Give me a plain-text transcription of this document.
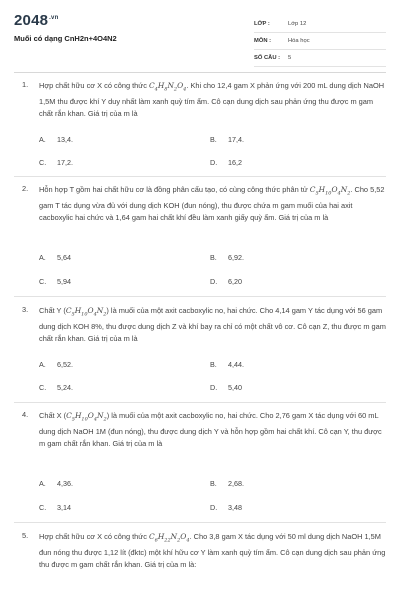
$2048^{.vn}$
Muối có dạng CnH2n+4O4N2
LỚP :	Lớp 12
MÔN :	Hóa học
SỐ CÂU :	5
1. Hợp chất hữu cơ X có công thức $C_4H_8N_2O_4$. Khi cho 12,4 gam X phản ứng với 200 mL dung dịch NaOH 1,5M thu được khí Y duy nhất làm xanh quỳ tím ẩm. Cô cạn dung dịch sau phản ứng thu được m gam chất rắn khan. Giá trị của m là
A. 13,4.	B. 17,4.
C. 17,2.	D. 16,2
2. Hỗn hợp T gồm hai chất hữu cơ là đồng phân cấu tạo, có cùng công thức phân tử $C_5H_{10}O_4N_2$. Cho 5,52 gam T tác dụng vừa đủ với dung dịch KOH (đun nóng), thu được chứa m gam muối của hai axit cacboxylic hai chức và 1,64 gam hai chất khí đều làm xanh giấy quỳ ẩm. Giá trị của m là
A. 5,64	B. 6,92.
C. 5,94	D. 6,20
3. Chất Y $(C_5H_{10}O_4N_2)$ là muối của một axit cacboxylic no, hai chức. Cho 4,14 gam Y tác dụng với 56 gam dung dịch KOH 8%, thu được dung dịch Z và khí bay ra chỉ có một chất vô cơ. Cô cạn Z, thu được m gam chất rắn khan. Giá trị của m là
A. 6,52.	B. 4,44.
C. 5,24.	D. 5,40
4. Chất X $(C_5H_{10}O_4N_2)$ là muối của một axit cacboxylic no, hai chức. Cho 2,76 gam X tác dụng với 60 mL dung dịch NaOH 1M (đun nóng), thu được dung dịch Y và hỗn hợp gồm hai chất khí. Cô cạn Y, thu được m gam chất rắn khan. Giá trị của m là
A. 4,36.	B. 2,68.
C. 3,14	D. 3,48
5. Hợp chất hữu cơ X có công thức $C_6H_{22}N_2O_4$. Cho 3,8 gam X tác dụng với 50 ml dung dịch NaOH 1,5M đun nóng thu được 1,12 lít (đktc) một khí hữu cơ Y làm xanh quỳ tím ẩm. Cô cạn dung dịch sau phản ứng thu được m gam chất rắn khan. Giá trị của m là:
